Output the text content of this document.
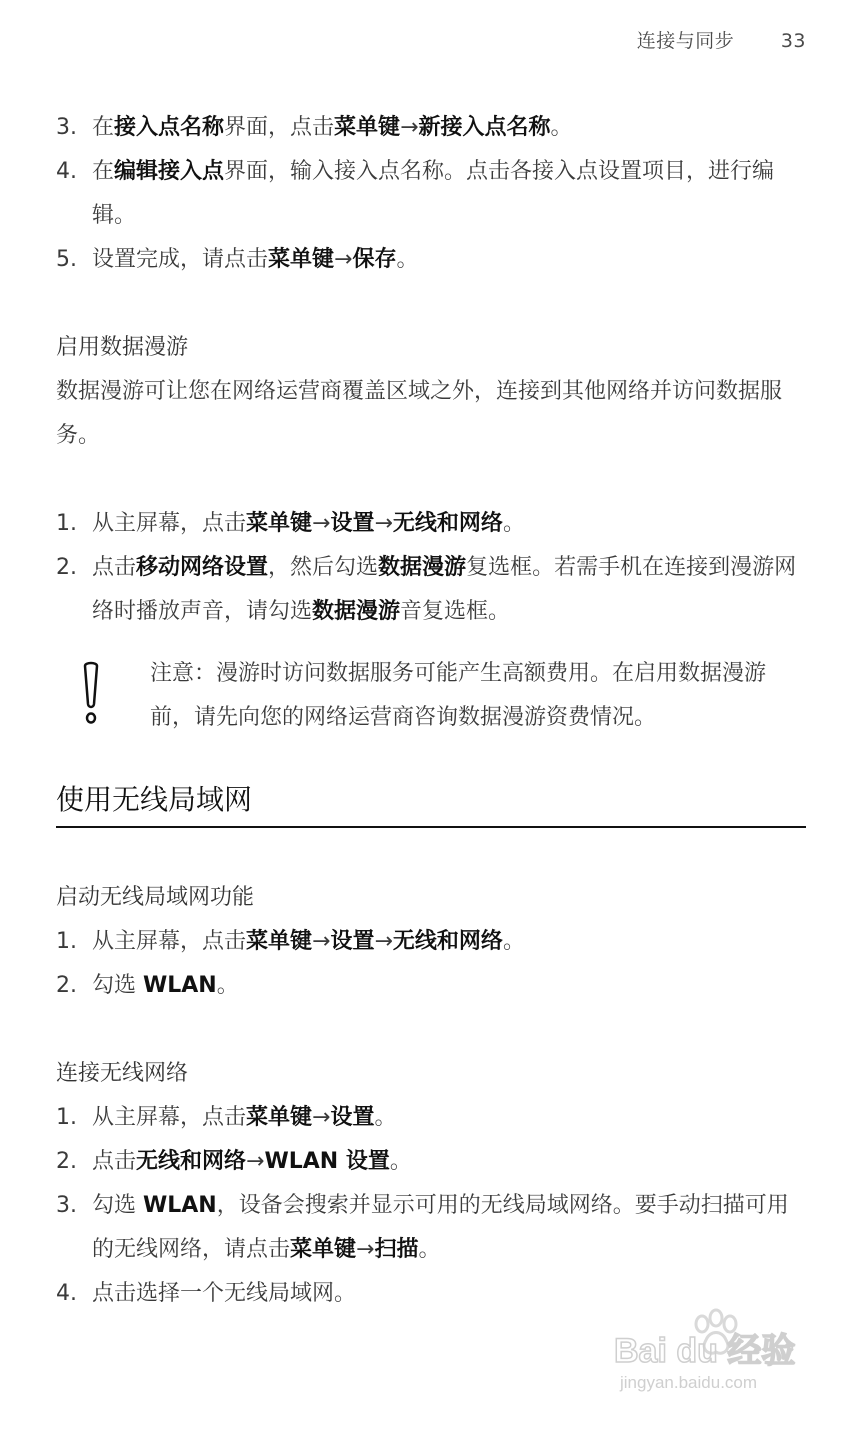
连接与同步 33
3. 在接入点名称界面，点击菜单键→新接入点名称。
4. 在编辑接入点界面，输入接入点名称。点击各接入点设置项目，进行编辑。
5. 设置完成，请点击菜单键→保存。
启用数据漫游
数据漫游可让您在网络运营商覆盖区域之外，连接到其他网络并访问数据服务。
1. 从主屏幕，点击菜单键→设置→无线和网络。
2. 点击移动网络设置，然后勾选数据漫游复选框。若需手机在连接到漫游网络时播放声音，请勾选数据漫游音复选框。
注意：漫游时访问数据服务可能产生高额费用。在启用数据漫游前，请先向您的网络运营商咨询数据漫游资费情况。
使用无线局域网
启动无线局域网功能
1. 从主屏幕，点击菜单键→设置→无线和网络。
2. 勾选 WLAN。
连接无线网络
1. 从主屏幕，点击菜单键→设置。
2. 点击无线和网络→WLAN 设置。
3. 勾选 WLAN，设备会搜索并显示可用的无线局域网络。要手动扫描可用的无线网络，请点击菜单键→扫描。
4. 点击选择一个无线局域网。
Bai du 经验
jingyan.baidu.com
